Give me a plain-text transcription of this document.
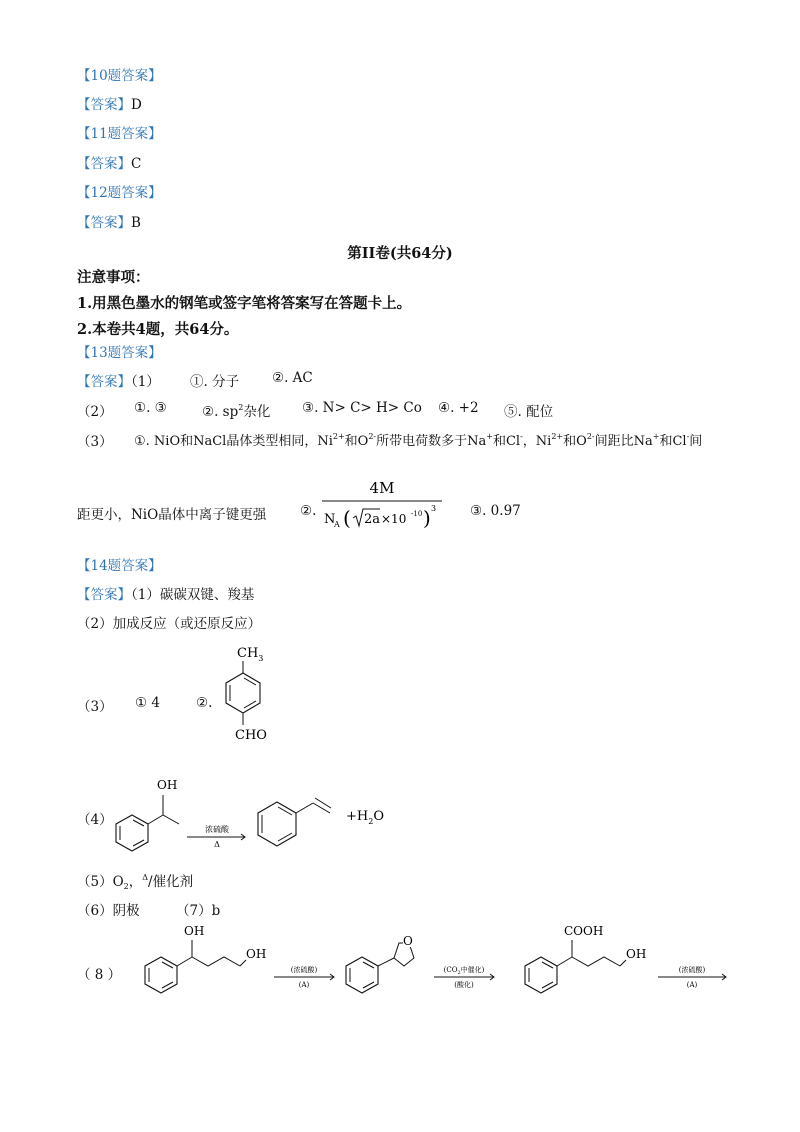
【10题答案】
【答案】D
【11题答案】
【答案】C
【12题答案】
【答案】B
第II卷(共64分)
注意事项：
1.用黑色墨水的钢笔或签字笔将答案写在答题卡上。
2.本卷共4题，共64分。
【13题答案】
【答案】（1） ①. 分子 ②. AC
（2） ①. ③	②. $sp^2$杂化 ③. N> C> H> Co ④. +2 ⑤. 配位
（3） ①. NiO和NaCl晶体类型相同，$Ni^{2+}$和$O^{2-}$所带电荷数多于Na+和Cl-，$Ni^{2+}$和$O^{2-}$间距比Na+和Cl-间
距更小，NiO晶体中离子键更强	②.
4M
N
A ( 2a ×10 -10 ) 3	③. 0.97
【14题答案】
【答案】（1）碳碳双键、羧基
（2）加成反应（或还原反应）
（3） ① 4	②.
$CH_3$
CHO
（4）
OH
浓硫酸
Δ
$+H_2O$
$(5)O_2$，$^\Delta$/催化剂
（6）阴极	（7）b
（ 8 ）
OH
OH
(浓硫酸)
(A)
O
($CO_2$中催化)
(酸化)
COOH
OH
(浓硫酸)
(A)
